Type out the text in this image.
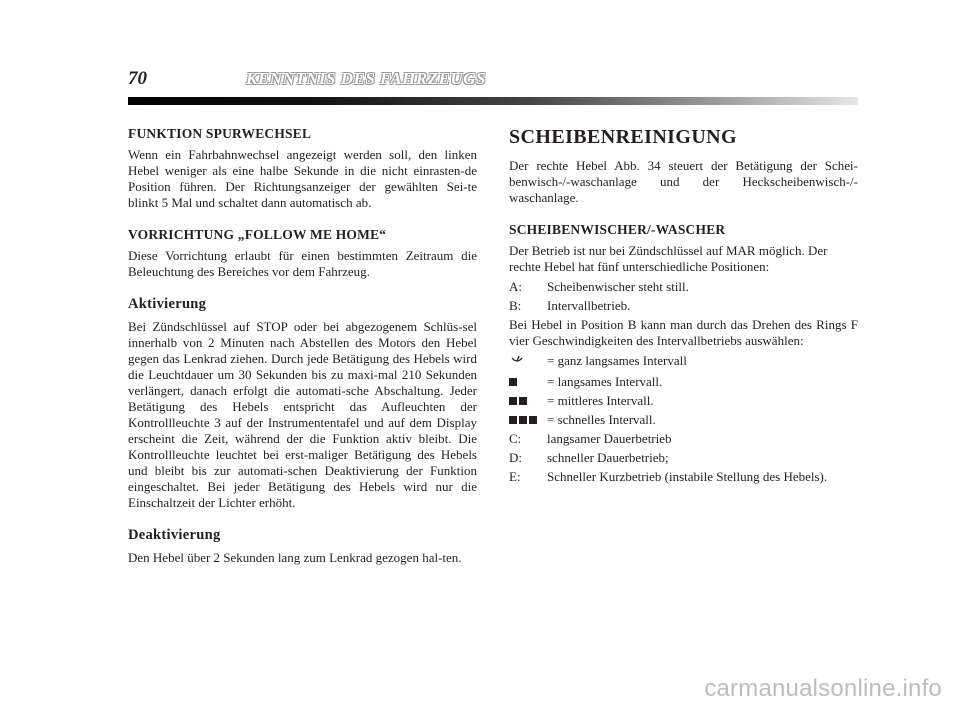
70	KENNTNIS DES FAHRZEUGS
FUNKTION SPURWECHSEL

Wenn ein Fahrbahnwechsel angezeigt werden soll, den linken Hebel weniger als eine halbe Sekunde in die nicht einrasten-de Position führen. Der Richtungsanzeiger der gewählten Sei-te blinkt 5 Mal und schaltet dann automatisch ab.

VORRICHTUNG „FOLLOW ME HOME“

Diese Vorrichtung erlaubt für einen bestimmten Zeitraum die Beleuchtung des Bereiches vor dem Fahrzeug.

Aktivierung

Bei Zündschlüssel auf STOP oder bei abgezogenem Schlüs-sel innerhalb von 2 Minuten nach Abstellen des Motors den Hebel gegen das Lenkrad ziehen. Durch jede Betätigung des Hebels wird die Leuchtdauer um 30 Sekunden bis zu maxi-mal 210 Sekunden verlängert, danach erfolgt die automati-sche Abschaltung. Jeder Betätigung des Hebels entspricht das Aufleuchten der Kontrollleuchte 3 auf der Instrumententafel und auf dem Display erscheint die Zeit, während der die Funktion aktiv bleibt. Die Kontrollleuchte leuchtet bei erst-maliger Betätigung des Hebels und bleibt bis zur automati-schen Deaktivierung der Funktion eingeschaltet. Bei jeder Betätigung des Hebels wird nur die Einschaltzeit der Lichter erhöht.

Deaktivierung

Den Hebel über 2 Sekunden lang zum Lenkrad gezogen hal-ten.

SCHEIBENREINIGUNG

Der rechte Hebel Abb. 34 steuert der Betätigung der Schei-benwisch-/-waschanlage und der Heckscheibenwisch-/-waschanlage.

SCHEIBENWISCHER/-WASCHER

Der Betrieb ist nur bei Zündschlüssel auf MAR möglich. Der rechte Hebel hat fünf unterschiedliche Positionen:

A:	Scheibenwischer steht still.
B:	Intervallbetrieb.

Bei Hebel in Position B kann man durch das Drehen des Rings F vier Geschwindigkeiten des Intervallbetriebs auswählen:

= ganz langsames Intervall
= langsames Intervall.
= mittleres Intervall.
= schnelles Intervall.
C:	langsamer Dauerbetrieb
D:	schneller Dauerbetrieb;
E:	Schneller Kurzbetrieb (instabile Stellung des Hebels).
carmanualsonline.info
